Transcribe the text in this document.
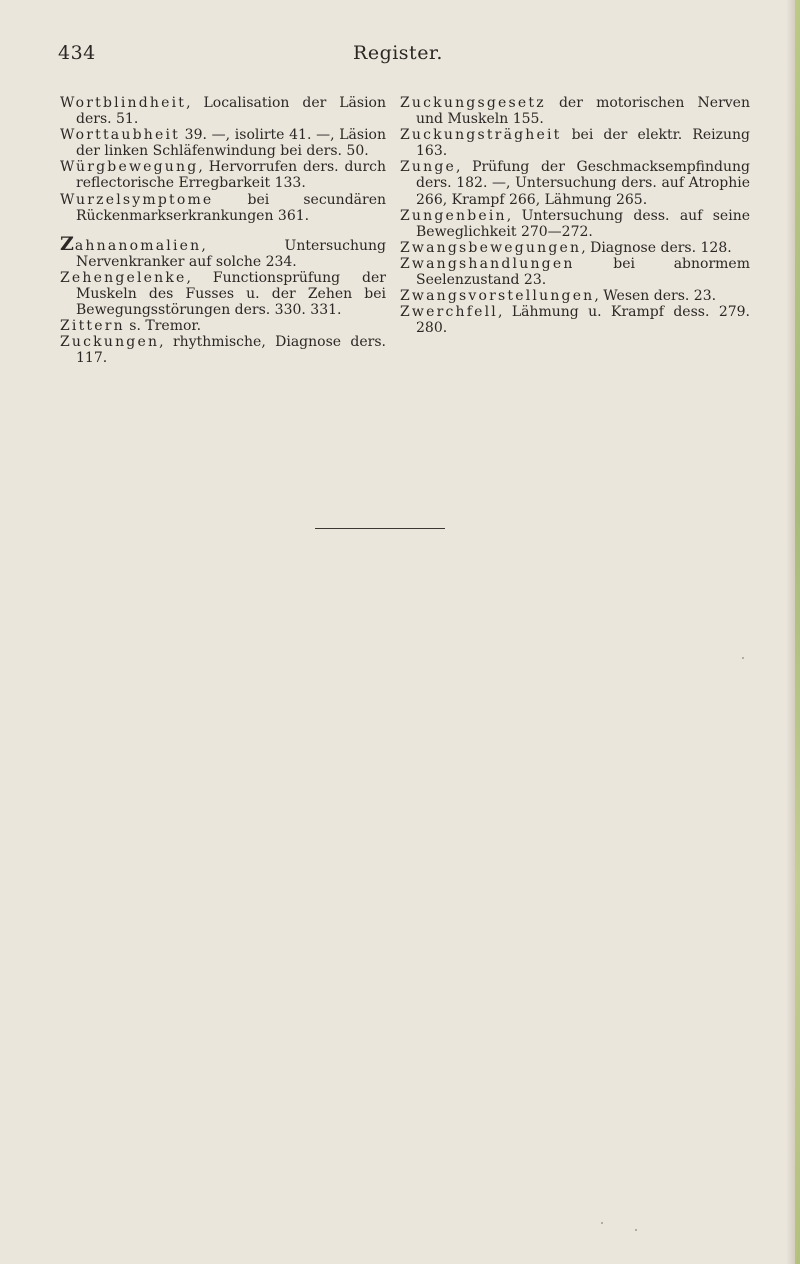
434	Register.

Wortblindheit, Localisation der Läsion ders. 51.

Worttaubheit 39. —, isolirte 41. —, Läsion der linken Schläfenwindung bei ders. 50.

Würgbewegung, Hervorrufen ders. durch reflectorische Erregbarkeit 133.

Wurzelsymptome bei secundären Rückenmarkserkrankungen 361.

Zahnanomalien, Untersuchung Nervenkranker auf solche 234.

Zehengelenke, Functionsprüfung der Muskeln des Fusses u. der Zehen bei Bewegungsstörungen ders. 330. 331.

Zittern s. Tremor.

Zuckungen, rhythmische, Diagnose ders. 117.

Zuckungsgesetz der motorischen Nerven und Muskeln 155.

Zuckungsträgheit bei der elektr. Reizung 163.

Zunge, Prüfung der Geschmacksempfindung ders. 182. —, Untersuchung ders. auf Atrophie 266, Krampf 266, Lähmung 265.

Zungenbein, Untersuchung dess. auf seine Beweglichkeit 270—272.

Zwangsbewegungen, Diagnose ders. 128.

Zwangshandlungen bei abnormem Seelenzustand 23.

Zwangsvorstellungen, Wesen ders. 23.

Zwerchfell, Lähmung u. Krampf dess. 279. 280.
